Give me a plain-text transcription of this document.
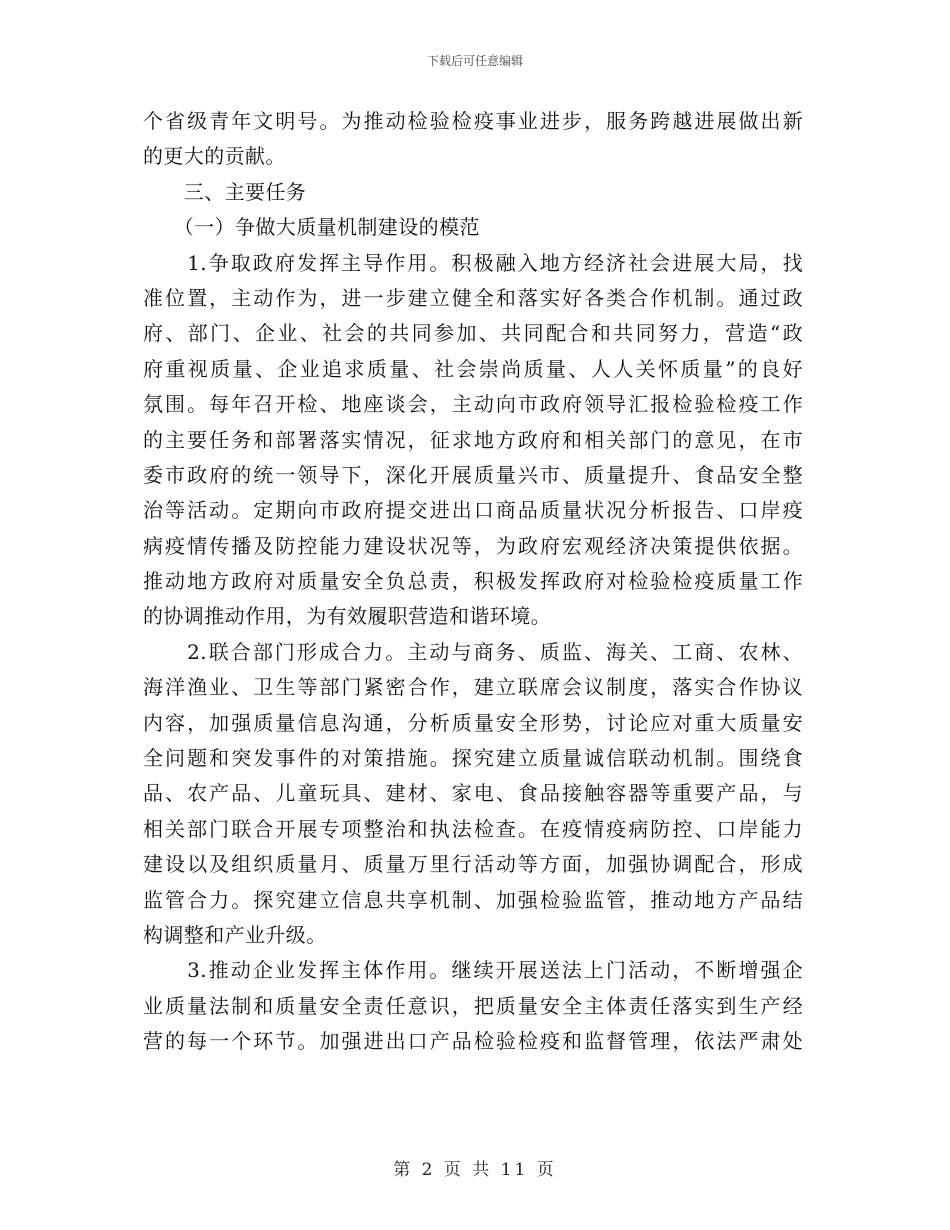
下载后可任意编辑
个省级青年文明号。为推动检验检疫事业进步，服务跨越进展做出新
的更大的贡献。
　　三、主要任务
　　（一）争做大质量机制建设的模范
　　1.争取政府发挥主导作用。积极融入地方经济社会进展大局，找
准位置，主动作为，进一步建立健全和落实好各类合作机制。通过政
府、部门、企业、社会的共同参加、共同配合和共同努力，营造“政
府重视质量、企业追求质量、社会崇尚质量、人人关怀质量”的良好
氛围。每年召开检、地座谈会，主动向市政府领导汇报检验检疫工作
的主要任务和部署落实情况，征求地方政府和相关部门的意见，在市
委市政府的统一领导下，深化开展质量兴市、质量提升、食品安全整
治等活动。定期向市政府提交进出口商品质量状况分析报告、口岸疫
病疫情传播及防控能力建设状况等，为政府宏观经济决策提供依据。
推动地方政府对质量安全负总责，积极发挥政府对检验检疫质量工作
的协调推动作用，为有效履职营造和谐环境。
　　2.联合部门形成合力。主动与商务、质监、海关、工商、农林、
海洋渔业、卫生等部门紧密合作，建立联席会议制度，落实合作协议
内容，加强质量信息沟通，分析质量安全形势，讨论应对重大质量安
全问题和突发事件的对策措施。探究建立质量诚信联动机制。围绕食
品、农产品、儿童玩具、建材、家电、食品接触容器等重要产品，与
相关部门联合开展专项整治和执法检查。在疫情疫病防控、口岸能力
建设以及组织质量月、质量万里行活动等方面，加强协调配合，形成
监管合力。探究建立信息共享机制、加强检验监管，推动地方产品结
构调整和产业升级。
　　3.推动企业发挥主体作用。继续开展送法上门活动，不断增强企
业质量法制和质量安全责任意识，把质量安全主体责任落实到生产经
营的每一个环节。加强进出口产品检验检疫和监督管理，依法严肃处
第 2 页 共 11 页
